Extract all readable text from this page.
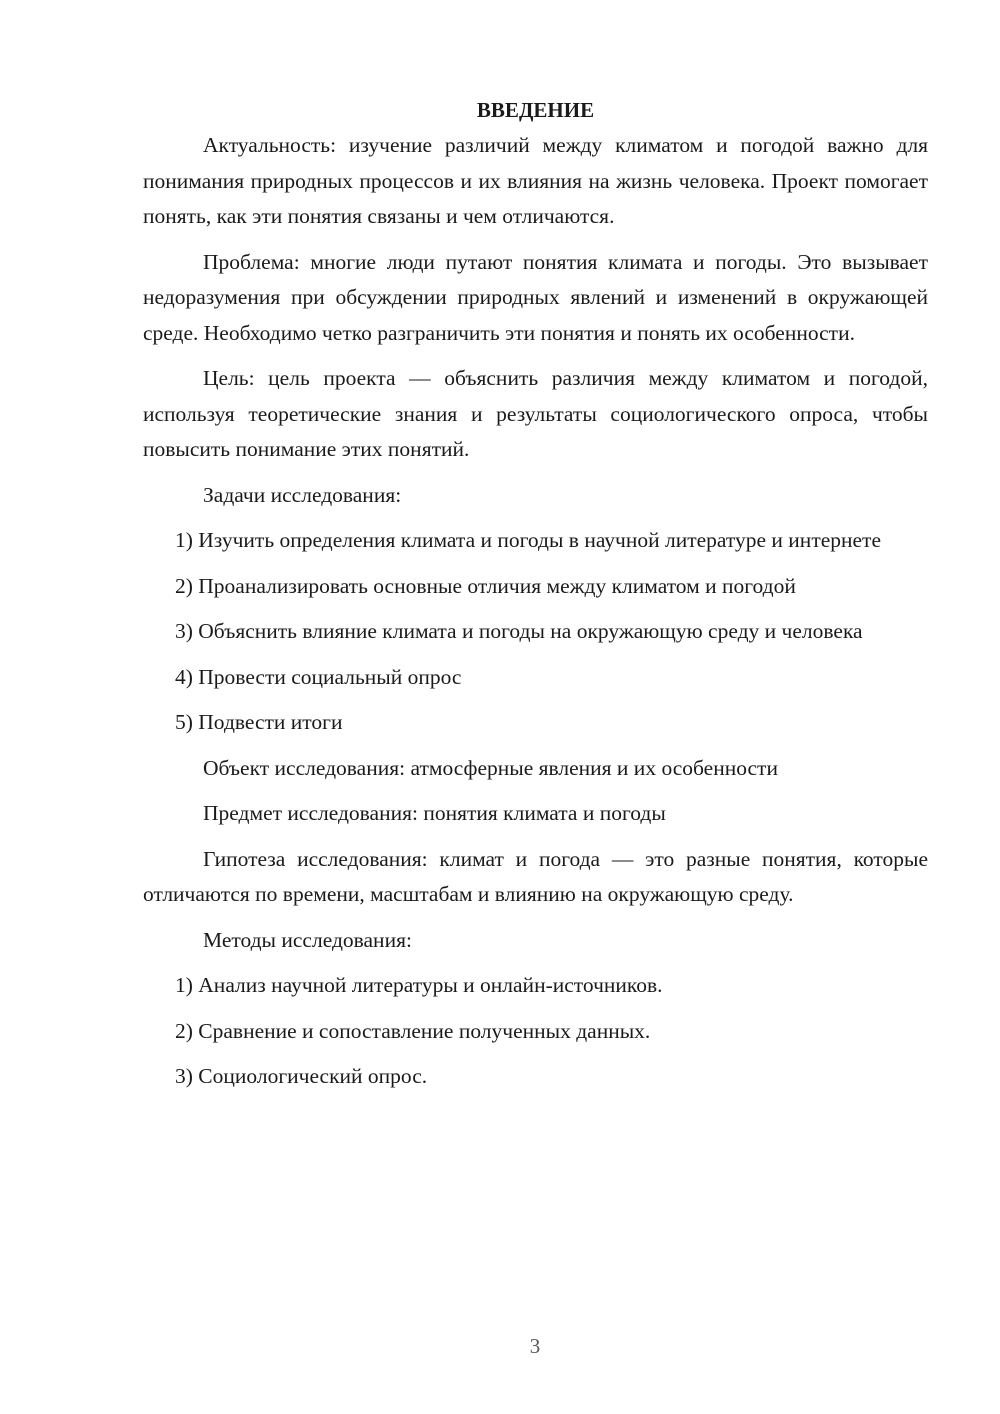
ВВЕДЕНИЕ

Актуальность: изучение различий между климатом и погодой важно для понимания природных процессов и их влияния на жизнь человека. Проект помогает понять, как эти понятия связаны и чем отличаются.

Проблема: многие люди путают понятия климата и погоды. Это вызывает недоразумения при обсуждении природных явлений и изменений в окружающей среде. Необходимо четко разграничить эти понятия и понять их особенности.

Цель: цель проекта — объяснить различия между климатом и погодой, используя теоретические знания и результаты социологического опроса, чтобы повысить понимание этих понятий.

Задачи исследования:

1) Изучить определения климата и погоды в научной литературе и интернете

2) Проанализировать основные отличия между климатом и погодой

3) Объяснить влияние климата и погоды на окружающую среду и человека

4) Провести социальный опрос

5) Подвести итоги

Объект исследования: атмосферные явления и их особенности

Предмет исследования: понятия климата и погоды

Гипотеза исследования: климат и погода — это разные понятия, которые отличаются по времени, масштабам и влиянию на окружающую среду.

Методы исследования:

1) Анализ научной литературы и онлайн-источников.

2) Сравнение и сопоставление полученных данных.

3) Социологический опрос.

3
